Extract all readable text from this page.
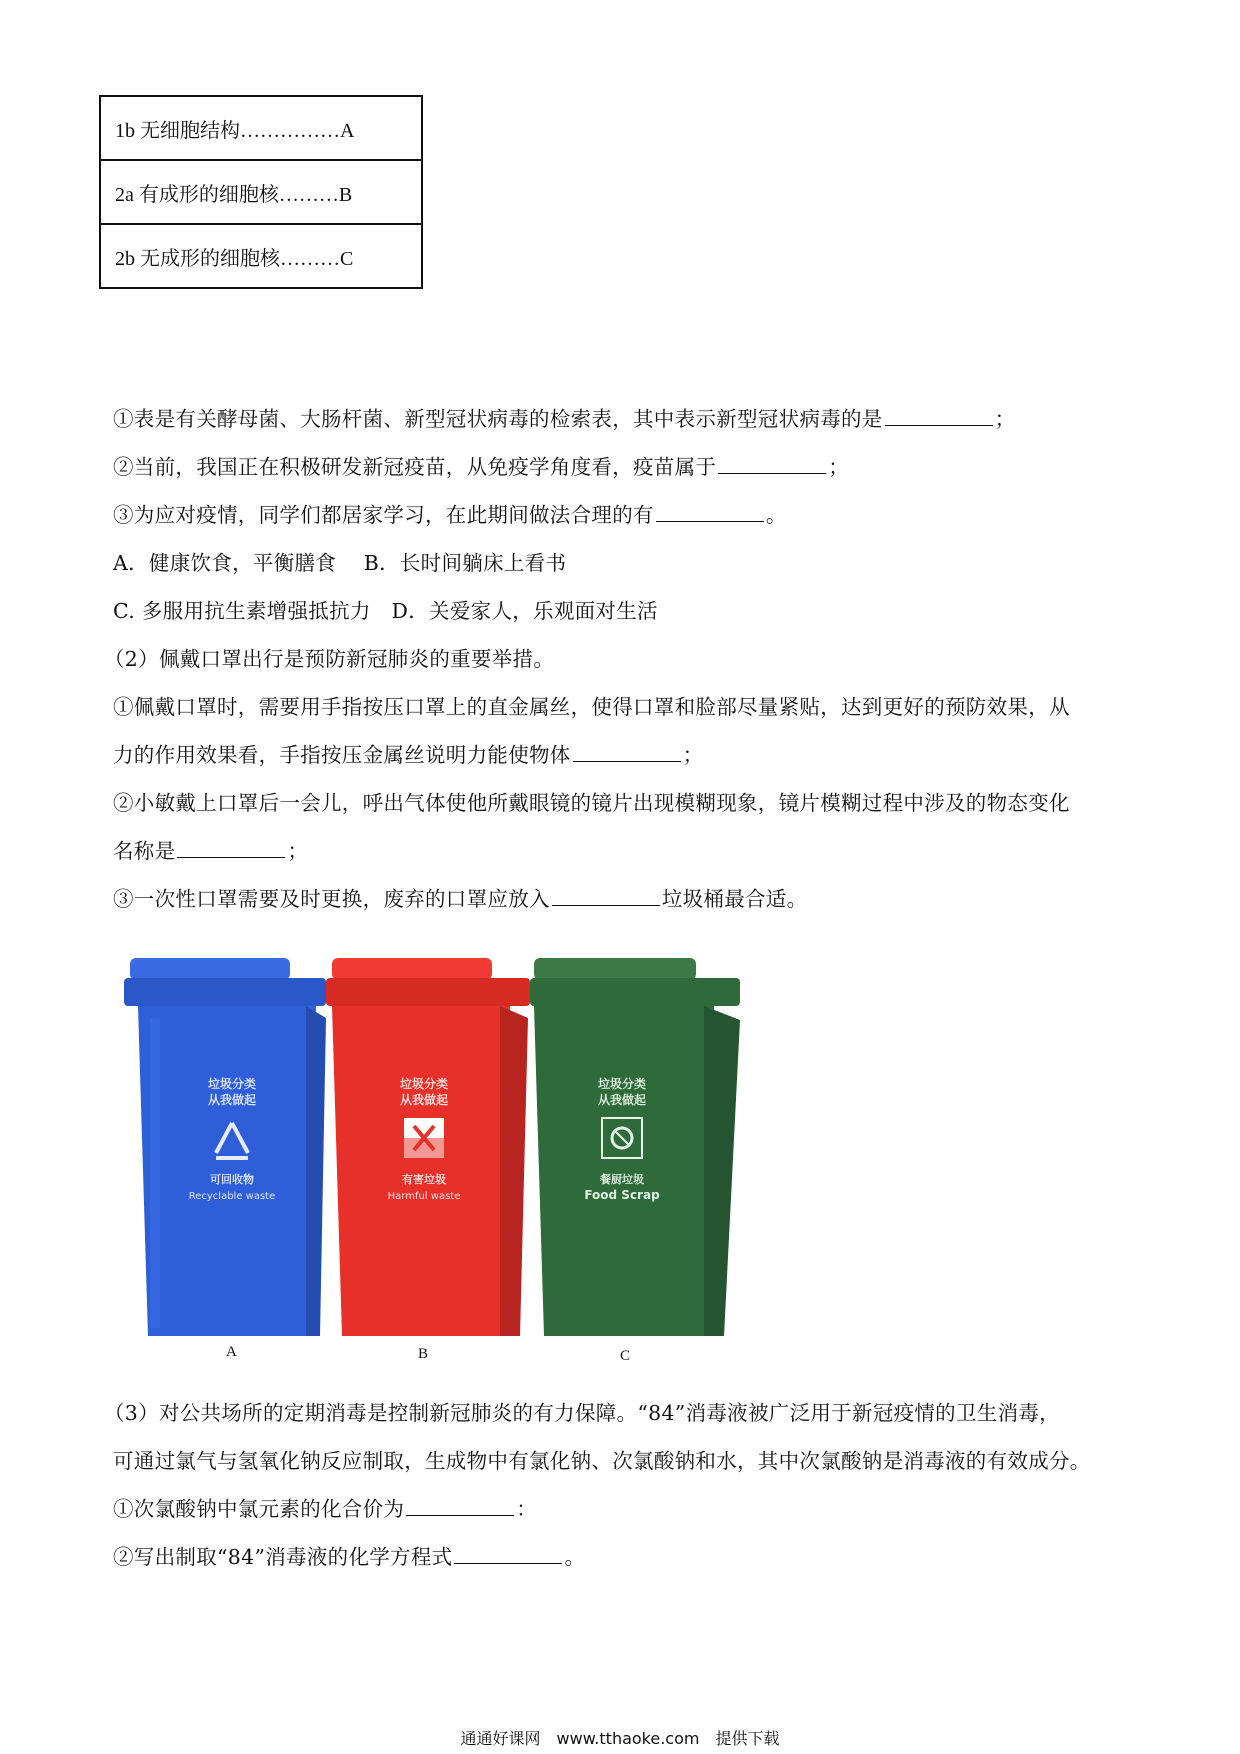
1b 无细胞结构……………A
2a 有成形的细胞核………B
2b 无成形的细胞核………C
①表是有关酵母菌、大肠杆菌、新型冠状病毒的检索表，其中表示新型冠状病毒的是	；
②当前，我国正在积极研发新冠疫苗，从免疫学角度看，疫苗属于	；
③为应对疫情，同学们都居家学习，在此期间做法合理的有	。
A．健康饮食，平衡膳食　 B．长时间躺床上看书
C. 多服用抗生素增强抵抗力　D．关爱家人，乐观面对生活
（2）佩戴口罩出行是预防新冠肺炎的重要举措。
①佩戴口罩时，需要用手指按压口罩上的直金属丝，使得口罩和脸部尽量紧贴，达到更好的预防效果，从
力的作用效果看，手指按压金属丝说明力能使物体	；
②小敏戴上口罩后一会儿，呼出气体使他所戴眼镜的镜片出现模糊现象，镜片模糊过程中涉及的物态变化
名称是	；
③一次性口罩需要及时更换，废弃的口罩应放入	垃圾桶最合适。
垃圾分类
从我做起
可回收物
Recyclable waste
垃圾分类
从我做起
有害垃圾
Harmful waste
垃圾分类
从我做起
餐厨垃圾
Food Scrap
A	B	C
（3）对公共场所的定期消毒是控制新冠肺炎的有力保障。“84”消毒液被广泛用于新冠疫情的卫生消毒，
可通过氯气与氢氧化钠反应制取，生成物中有氯化钠、次氯酸钠和水，其中次氯酸钠是消毒液的有效成分。
①次氯酸钠中氯元素的化合价为	：
②写出制取“84”消毒液的化学方程式	。
通通好课网　www.tthaoke.com　提供下载
